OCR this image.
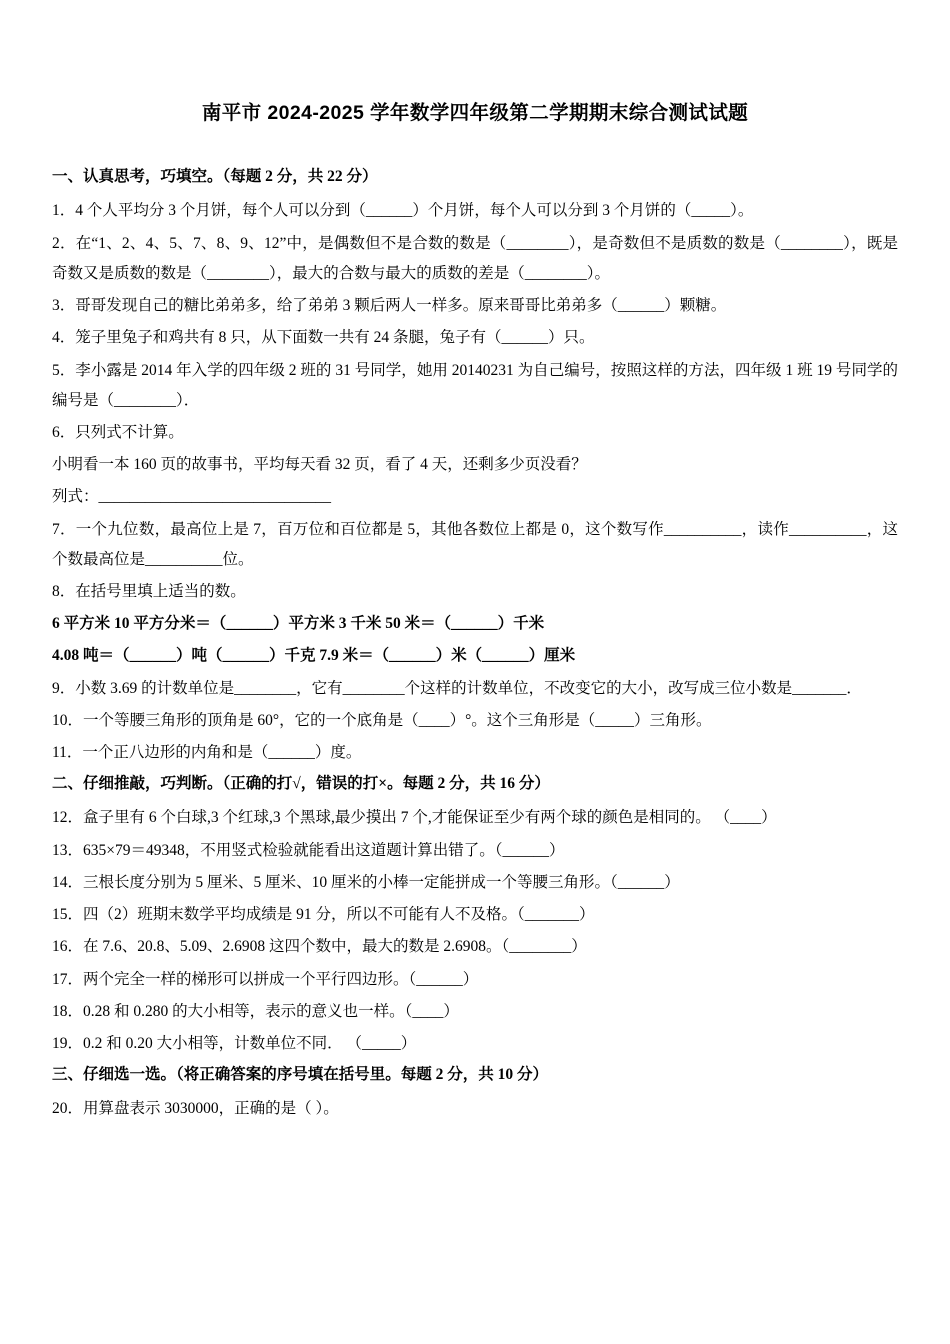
南平市 2024-2025 学年数学四年级第二学期期末综合测试试题
一、认真思考，巧填空。（每题 2 分，共 22 分）

1．4 个人平均分 3 个月饼，每个人可以分到（______）个月饼，每个人可以分到 3 个月饼的（_____）。

2．在“1、2、4、5、7、8、9、12”中，是偶数但不是合数的数是（________），是奇数但不是质数的数是（________），既是奇数又是质数的数是（________），最大的合数与最大的质数的差是（________）。

3．哥哥发现自己的糖比弟弟多，给了弟弟 3 颗后两人一样多。原来哥哥比弟弟多（______）颗糖。

4．笼子里兔子和鸡共有 8 只，从下面数一共有 24 条腿，兔子有（______）只。

5．李小露是 2014 年入学的四年级 2 班的 31 号同学，她用 20140231 为自己编号，按照这样的方法，四年级 1 班 19 号同学的编号是（________）．

6．只列式不计算。

小明看一本 160 页的故事书，平均每天看 32 页，看了 4 天，还剩多少页没看？

列式：______________________________

7．一个九位数，最高位上是 7，百万位和百位都是 5，其他各数位上都是 0，这个数写作__________，读作__________，这个数最高位是__________位。

8．在括号里填上适当的数。

6 平方米 10 平方分米＝（______）平方米 3 千米 50 米＝（______）千米

4.08 吨＝（______）吨（______）千克 7.9 米＝（______）米（______）厘米

9．小数 3.69 的计数单位是________，它有________个这样的计数单位，不改变它的大小，改写成三位小数是_______．

10．一个等腰三角形的顶角是 60°，它的一个底角是（____）°。这个三角形是（_____）三角形。

11．一个正八边形的内角和是（______）度。

二、仔细推敲，巧判断。（正确的打√，错误的打×。每题 2 分，共 16 分）

12．盒子里有 6 个白球,3 个红球,3 个黑球,最少摸出 7 个,才能保证至少有两个球的颜色是相同的。 （____）

13．635×79＝49348，不用竖式检验就能看出这道题计算出错了。（______）

14．三根长度分别为 5 厘米、5 厘米、10 厘米的小棒一定能拼成一个等腰三角形。（______）

15．四（2）班期末数学平均成绩是 91 分，所以不可能有人不及格。（_______）

16．在 7.6、20.8、5.09、2.6908 这四个数中，最大的数是 2.6908。（________）

17．两个完全一样的梯形可以拼成一个平行四边形。（______）

18．0.28 和 0.280 的大小相等，表示的意义也一样。（____）

19．0.2 和 0.20 大小相等，计数单位不同． （_____）

三、仔细选一选。（将正确答案的序号填在括号里。每题 2 分，共 10 分）

20．用算盘表示 3030000，正确的是（ ）。
